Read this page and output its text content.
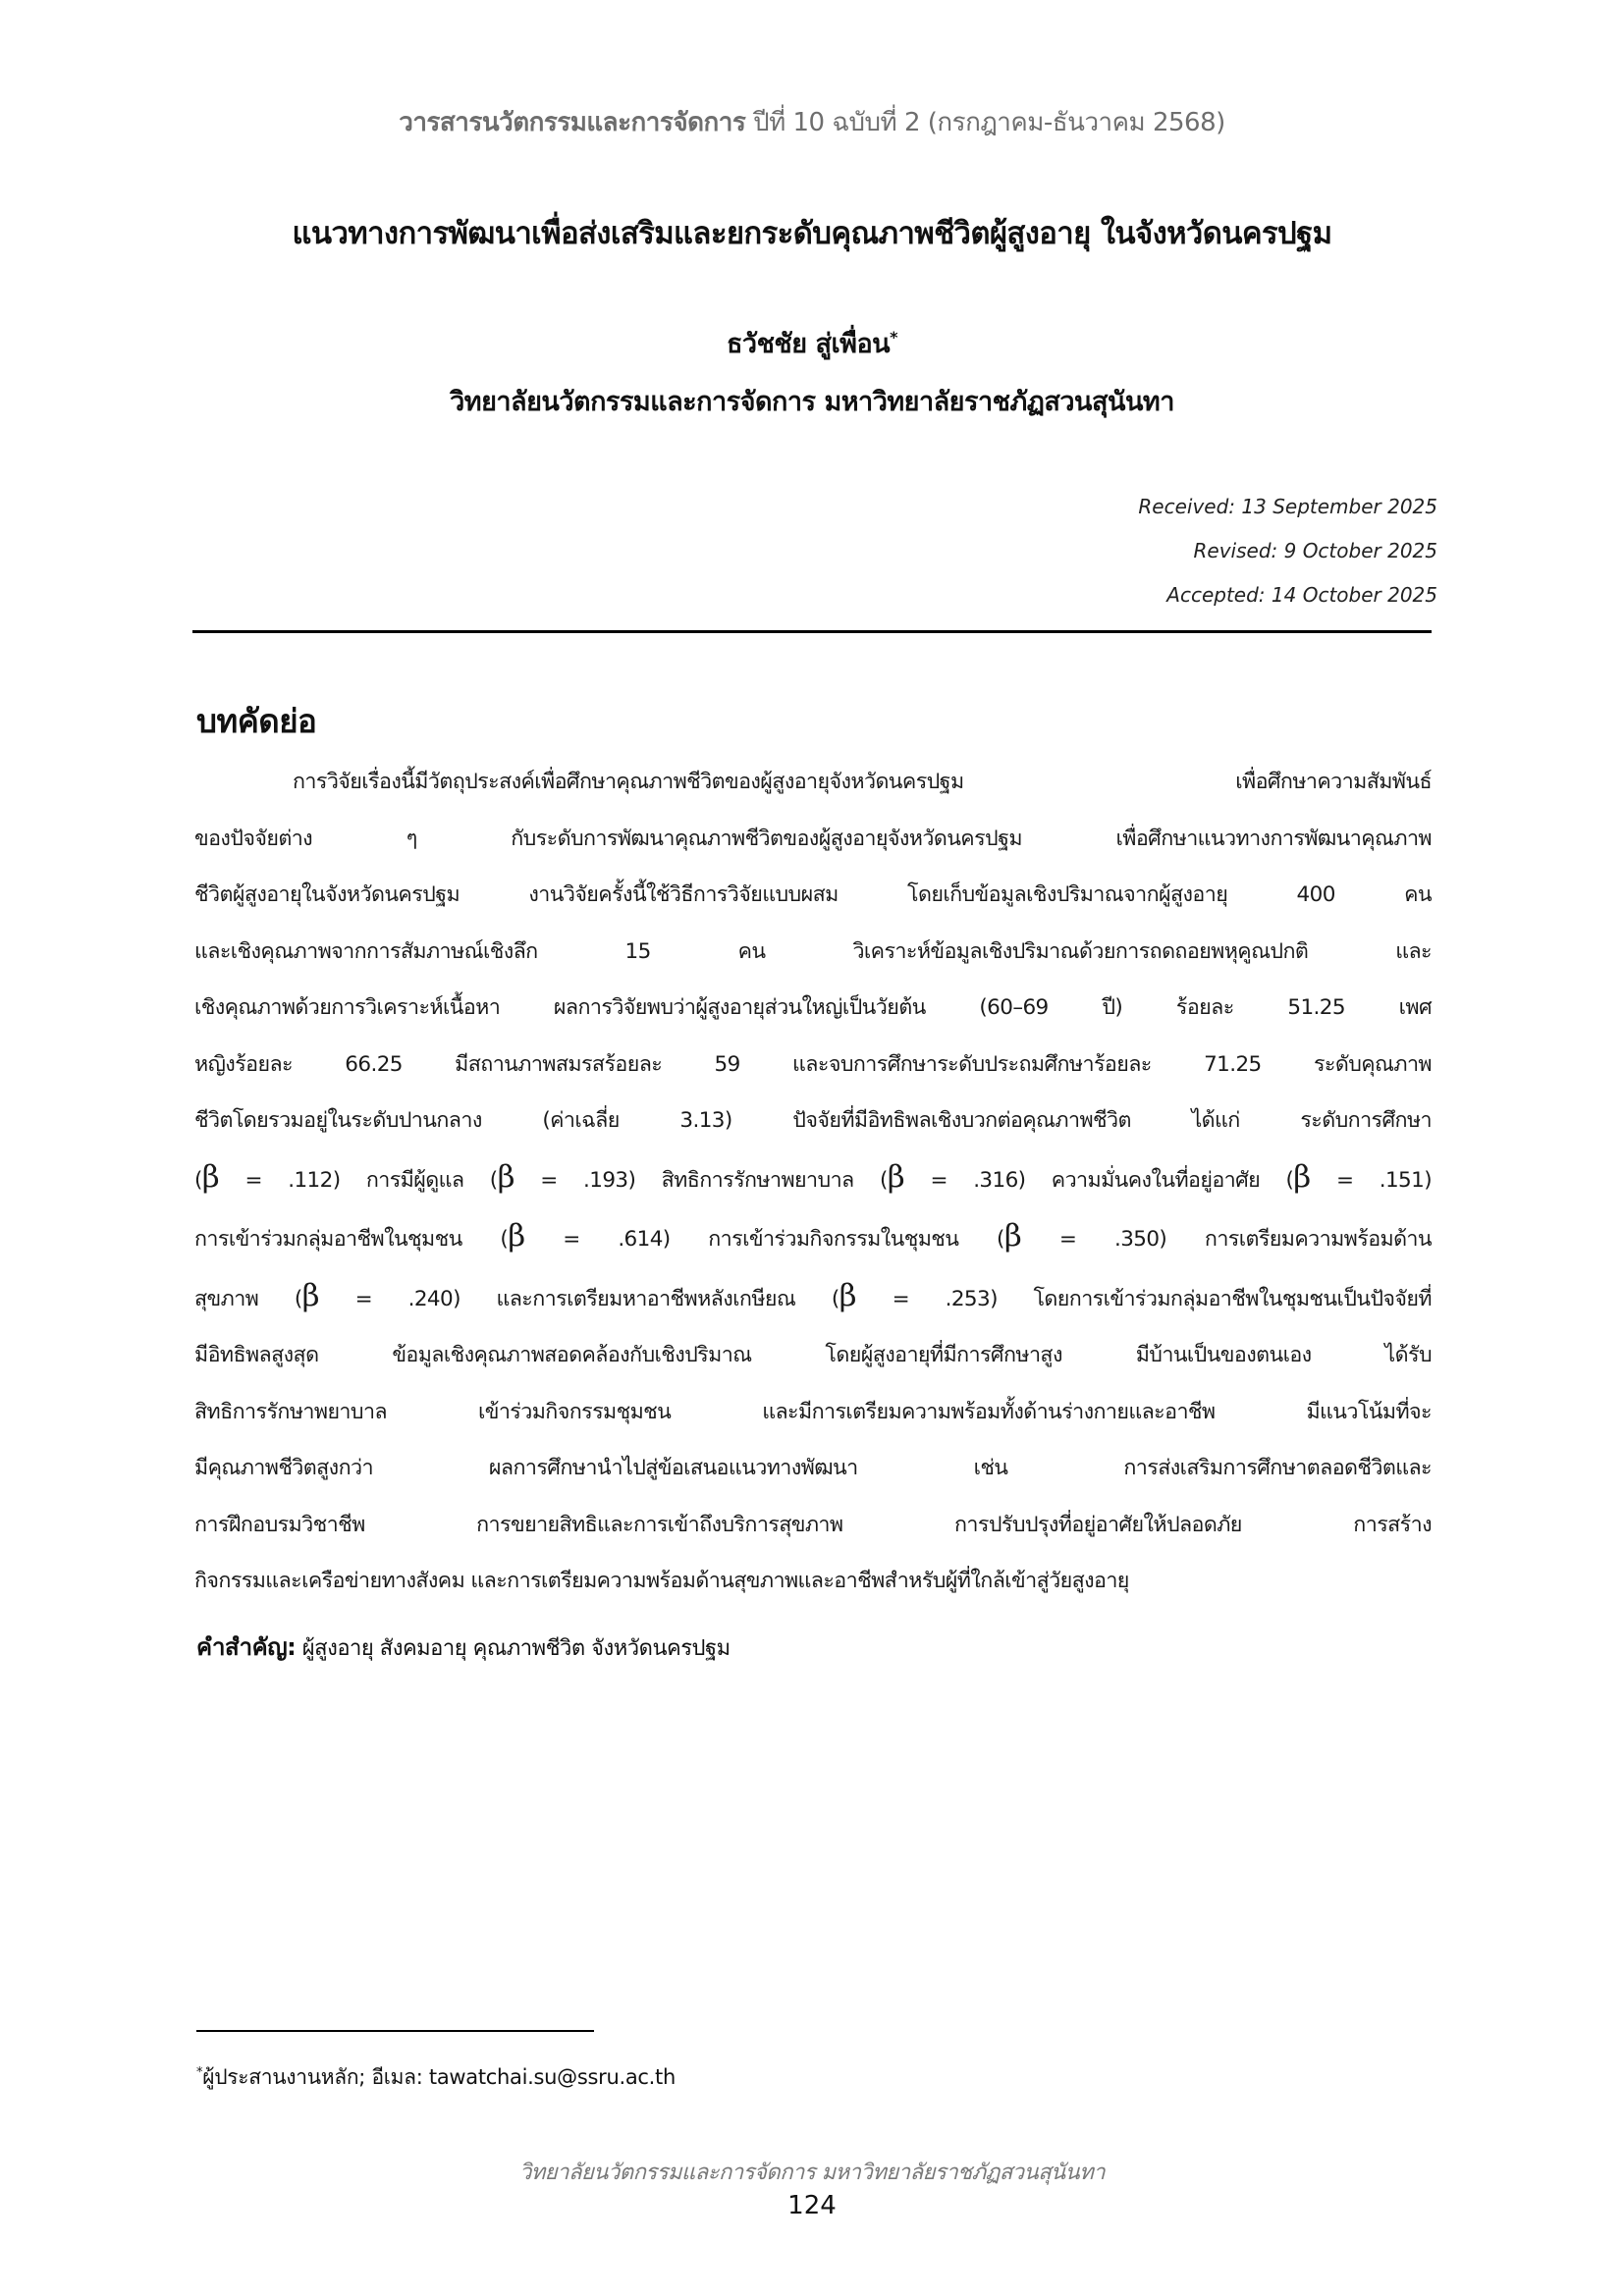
วารสารนวัตกรรมและการจัดการ ปีที่ 10 ฉบับที่ 2 (กรกฎาคม-ธันวาคม 2568)
แนวทางการพัฒนาเพื่อส่งเสริมและยกระดับคุณภาพชีวิตผู้สูงอายุ ในจังหวัดนครปฐม
ธวัชชัย สู่เพื่อน*
วิทยาลัยนวัตกรรมและการจัดการ มหาวิทยาลัยราชภัฏสวนสุนันทา
Received: 13 September 2025
Revised: 9 October 2025
Accepted: 14 October 2025
บทคัดย่อ
การวิจัยเรื่องนี้มีวัตถุประสงค์เพื่อศึกษาคุณภาพชีวิตของผู้สูงอายุจังหวัดนครปฐม เพื่อศึกษาความสัมพันธ์
ของปัจจัยต่าง ๆ กับระดับการพัฒนาคุณภาพชีวิตของผู้สูงอายุจังหวัดนครปฐม เพื่อศึกษาแนวทางการพัฒนาคุณภาพ
ชีวิตผู้สูงอายุในจังหวัดนครปฐม งานวิจัยครั้งนี้ใช้วิธีการวิจัยแบบผสม โดยเก็บข้อมูลเชิงปริมาณจากผู้สูงอายุ 400 คน
และเชิงคุณภาพจากการสัมภาษณ์เชิงลึก 15 คน วิเคราะห์ข้อมูลเชิงปริมาณด้วยการถดถอยพหุคูณปกติ และ
เชิงคุณภาพด้วยการวิเคราะห์เนื้อหา ผลการวิจัยพบว่าผู้สูงอายุส่วนใหญ่เป็นวัยต้น (60–69 ปี) ร้อยละ 51.25 เพศ
หญิงร้อยละ 66.25 มีสถานภาพสมรสร้อยละ 59 และจบการศึกษาระดับประถมศึกษาร้อยละ 71.25 ระดับคุณภาพ
ชีวิตโดยรวมอยู่ในระดับปานกลาง (ค่าเฉลี่ย 3.13) ปัจจัยที่มีอิทธิพลเชิงบวกต่อคุณภาพชีวิต ได้แก่ ระดับการศึกษา
(β = .112) การมีผู้ดูแล (β = .193) สิทธิการรักษาพยาบาล (β = .316) ความมั่นคงในที่อยู่อาศัย (β = .151)
การเข้าร่วมกลุ่มอาชีพในชุมชน (β = .614) การเข้าร่วมกิจกรรมในชุมชน (β = .350) การเตรียมความพร้อมด้าน
สุขภาพ (β = .240) และการเตรียมหาอาชีพหลังเกษียณ (β = .253) โดยการเข้าร่วมกลุ่มอาชีพในชุมชนเป็นปัจจัยที่
มีอิทธิพลสูงสุด ข้อมูลเชิงคุณภาพสอดคล้องกับเชิงปริมาณ โดยผู้สูงอายุที่มีการศึกษาสูง มีบ้านเป็นของตนเอง ได้รับ
สิทธิการรักษาพยาบาล เข้าร่วมกิจกรรมชุมชน และมีการเตรียมความพร้อมทั้งด้านร่างกายและอาชีพ มีแนวโน้มที่จะ
มีคุณภาพชีวิตสูงกว่า ผลการศึกษานำไปสู่ข้อเสนอแนวทางพัฒนา เช่น การส่งเสริมการศึกษาตลอดชีวิตและ
การฝึกอบรมวิชาชีพ การขยายสิทธิและการเข้าถึงบริการสุขภาพ การปรับปรุงที่อยู่อาศัยให้ปลอดภัย การสร้าง
กิจกรรมและเครือข่ายทางสังคม และการเตรียมความพร้อมด้านสุขภาพและอาชีพสำหรับผู้ที่ใกล้เข้าสู่วัยสูงอายุ
คำสำคัญ: ผู้สูงอายุ สังคมอายุ คุณภาพชีวิต จังหวัดนครปฐม
*ผู้ประสานงานหลัก; อีเมล: tawatchai.su@ssru.ac.th
วิทยาลัยนวัตกรรมและการจัดการ มหาวิทยาลัยราชภัฏสวนสุนันทา
124
